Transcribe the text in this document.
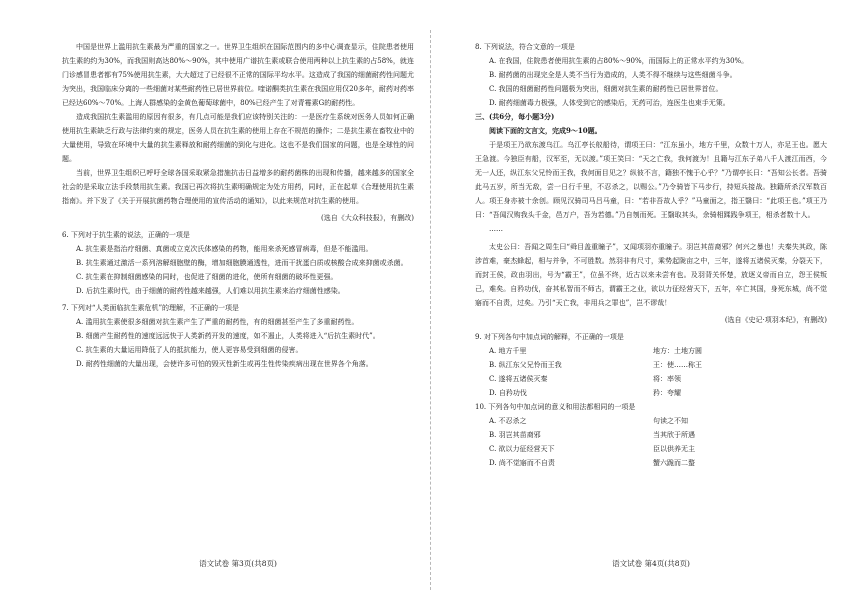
中国是世界上滥用抗生素最为严重的国家之一。世界卫生组织在国际范围内的多中心调查显示，住院患者使用抗生素的约为30%，而我国则高达80%～90%，其中使用广谱抗生素或联合使用两种以上抗生素的占58%，就连门诊感冒患者都有75%使用抗生素，大大超过了已经很不正常的国际平均水平。这造成了我国的细菌耐药性问题尤为突出，我国临床分离的一些细菌对某些耐药性已居世界前位。喹诺酮类抗生素在我国应用仅20多年，耐药对药率已经达60%～70%。上海人群感染的金黄色葡萄球菌中，80%已经产生了对青霉素G的耐药性。

造成我国抗生素滥用的原因有很多，有几点可能是我们应该特别关注的：一是医疗生系统对医务人员如何正确使用抗生素缺乏行政与法律约束的规定，医务人员在抗生素的使用上存在不规范的操作；二是抗生素在畜牧业中的大量使用，导致在环境中大量的抗生素释放和耐药细菌的到化与进化。这也不是我们国家的问题，也是全球性的问题。

当前，世界卫生组织已呼吁全球各国采取紧急措施抗击日益增多的耐药菌株的出现和传播，越来越多的国家全社会的是采取立法手段禁用抗生素。我国已再次将抗生素明确规定为处方用药，同时，正在起草《合理使用抗生素指南》。并下发了《关于开展抗菌药物合理使用的宣传活动的通知》，以此来规范对抗生素的使用。

(选自《大众科技报》，有删改)

6. 下列对于抗生素的说法，正确的一项是

A. 抗生素是指治疗细菌、真菌或立克次氏体感染的药物，能用来杀死感冒病毒，但是不能滥用。

B. 抗生素通过激活一系列溶解细胞壁的酶，增加细胞膜通透性，进而干扰蛋白质或核酸合成来抑菌或杀菌。

C. 抗生素在抑制细菌感染的同时，也促进了细菌的进化，使所有细菌的破坏性更强。

D. 后抗生素时代，由于细菌的耐药性越来越强，人们难以用抗生素来治疗细菌性感染。

7. 下列对“人类面临抗生素危机”的理解，不正确的一项是

A. 滥用抗生素使很多细菌对抗生素产生了严重的耐药性，有的细菌甚至产生了多重耐药性。

B. 细菌产生耐药性的速度远远快于人类新药开发的速度，如不遏止，人类将进入“后抗生素时代”。

C. 抗生素的大量运用降低了人的抵抗能力，使人更容易受到细菌的侵害。

D. 耐药性细菌的大量出现，会使许多可怕的毁灭性新生或再生性传染疾病出现在世界各个角落。

语文试卷 第3页(共8页)

8. 下列说法，符合文意的一项是

A. 在我国，住院患者使用抗生素的占80%～90%，而国际上的正常水平约为30%。

B. 耐药菌的出现完全是人类不当行为造成的，人类不得不继续与这些细菌斗争。

C. 我国的细菌耐药性问题极为突出，细菌对抗生素的耐药性已居世界首位。

D. 耐药细菌毒力极强，人体受到它的感染后，无药可治，连医生也束手无策。

三、(共6分，每小题3分)

阅读下面的文言文，完成9～10题。

于是项王乃欲东渡乌江。乌江亭长舣船待，谓项王曰：“江东虽小，地方千里，众数十万人，亦足王也。愿大王急渡。今独臣有船，汉军至，无以渡。”项王笑曰：“天之亡我，我何渡为！且籍与江东子弟八千人渡江而西，今无一人还，纵江东父兄怜而王我，我何面目见之？纵彼不言，籍独不愧于心乎？”乃谓亭长曰：“吾知公长者。吾骑此马五岁，所当无敌，尝一日行千里，不忍杀之，以赐公。”乃令骑皆下马步行，持短兵接战。独籍所杀汉军数百人。项王身亦被十余创。顾见汉骑司马吕马童，曰：“若非吾故人乎？”马童面之，指王翳曰：“此项王也。”项王乃曰：“吾闻汉购我头千金，邑万户，吾为若德。”乃自刎而死。王翳取其头，余骑相蹂践争项王，相杀者数十人。

……

太史公曰：吾闻之周生曰“舜目盖重瞳子”，又闻项羽亦重瞳子。羽岂其苗裔邪？何兴之暴也！夫秦失其政，陈涉首难，豪杰蜂起，相与并争，不可胜数。然羽非有尺寸，乘势起陇亩之中，三年，遂将五诸侯灭秦，分裂天下，而封王侯，政由羽出，号为“霸王”，位虽不终，近古以来未尝有也。及羽背关怀楚，放逐义帝而自立，怨王侯叛己，难矣。自矜功伐，奋其私智而不师古，谓霸王之业，欲以力征经营天下，五年，卒亡其国，身死东城，尚不觉寤而不自责，过矣。乃引“天亡我，非用兵之罪也”，岂不谬哉！

(选自《史记·项羽本纪》，有删改)

9. 对下列各句中加点词的解释，不正确的一项是

A. 地方千里	地方：土地方圆
B. 纵江东父兄怜而王我	王：使……称王
C. 遂将五诸侯灭秦	将：率领
D. 自矜功伐	矜：夸耀

10. 下列各句中加点词的意义和用法都相同的一项是

A. 不忍杀之	句读之不知
B. 羽岂其苗裔邪	当其欣于所遇
C. 欲以力征经营天下	臣以供养无主
D. 尚不觉寤而不自责	蟹六跪而二螯
语文试卷 第4页(共8页)
